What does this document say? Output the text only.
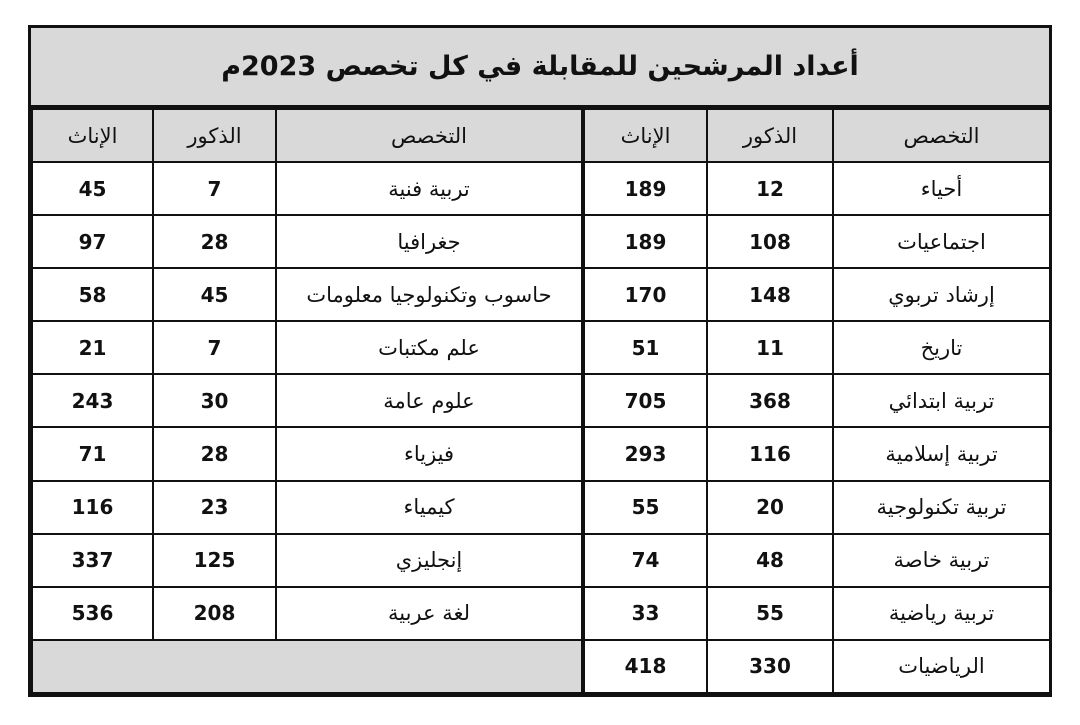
أعداد المرشحين للمقابلة في كل تخصص 2023م
التخصص	الذكور	الإناث	التخصص	الذكور	الإناث
أحياء	12	189	تربية فنية	7	45
اجتماعيات	108	189	جغرافيا	28	97
إرشاد تربوي	148	170	حاسوب وتكنولوجيا معلومات	45	58
تاريخ	11	51	علم مكتبات	7	21
تربية ابتدائي	368	705	علوم عامة	30	243
تربية إسلامية	116	293	فيزياء	28	71
تربية تكنولوجية	20	55	كيمياء	23	116
تربية خاصة	48	74	إنجليزي	125	337
تربية رياضية	55	33	لغة عربية	208	536
الرياضيات	330	418			
